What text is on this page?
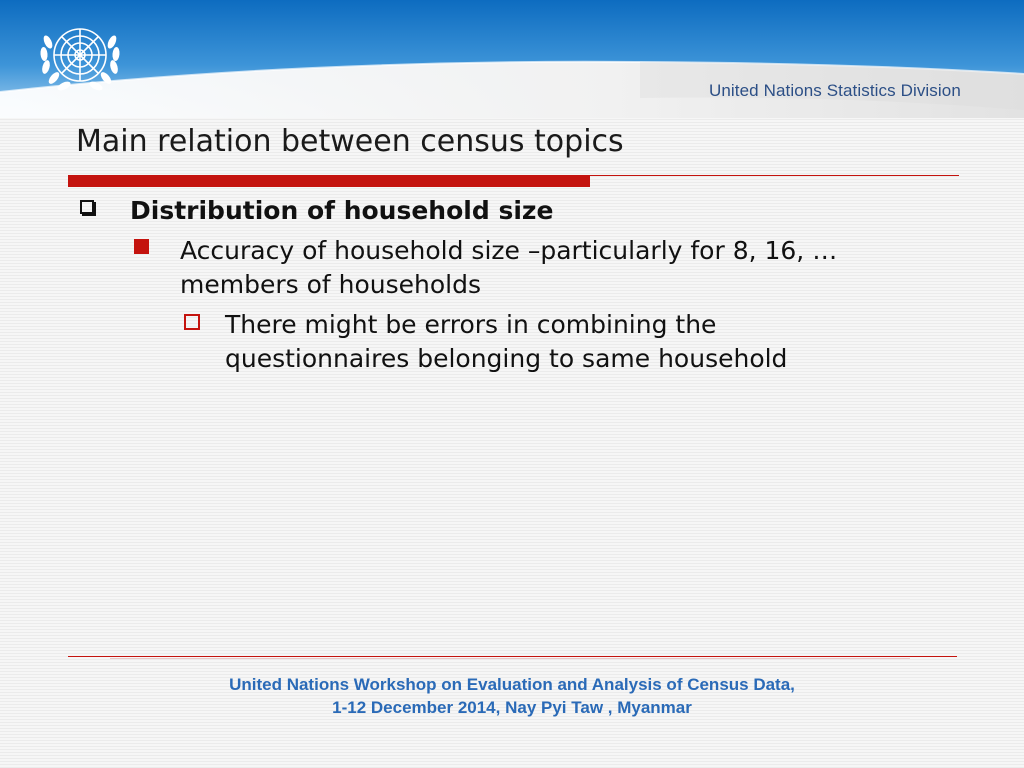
United Nations Statistics Division
Main relation between census topics
Distribution of household size
Accuracy of household size –particularly for 8, 16, … members of households
There might be errors in combining the questionnaires belonging to same household
United Nations Workshop on Evaluation and Analysis of Census Data,
1-12 December 2014, Nay Pyi Taw , Myanmar
